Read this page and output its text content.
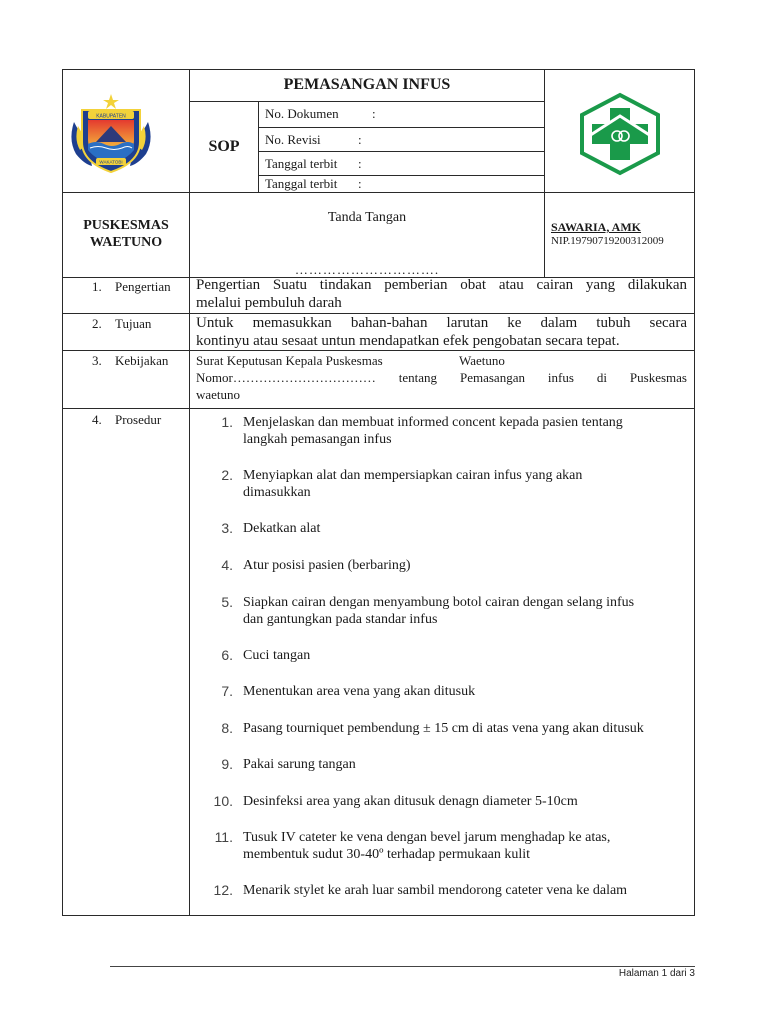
KABUPATEN
WAKATOBI
PEMASANGAN INFUS
SOP
No. Dokumen	:
No. Revisi	:
Tanggal terbit :
Tanggal terbit :
PUSKESMAS
WAETUNO
Tanda Tangan
………………………….
SAWARIA, AMK
NIP.19790719200312009
1. Pengertian Pengertian Suatu tindakan pemberian obat atau cairan yang dilakukan
melalui pembuluh darah
2. Tujuan	Untuk memasukkan bahan-bahan larutan ke dalam tubuh secara
kontinyu atau sesaat untun mendapatkan efek pengobatan secara tepat.
3. Kebijakan Surat Keputusan Kepala Puskesmas	Waetuno
Nomor…………………………… tentang Pemasangan infus di Puskesmas
waetuno
4. Prosedur	1. Menjelaskan dan membuat informed concent kepada pasien tentang
langkah pemasangan infus
2. Menyiapkan alat dan mempersiapkan cairan infus yang akan
dimasukkan
3. Dekatkan alat
4. Atur posisi pasien (berbaring)
5. Siapkan cairan dengan menyambung botol cairan dengan selang infus
dan gantungkan pada standar infus
6. Cuci tangan
7. Menentukan area vena yang akan ditusuk
8. Pasang tourniquet pembendung ± 15 cm di atas vena yang akan ditusuk
9. Pakai sarung tangan
10. Desinfeksi area yang akan ditusuk denagn diameter 5-10cm
11. Tusuk IV cateter ke vena dengan bevel jarum menghadap ke atas,
membentuk sudut 30-40º terhadap permukaan kulit
12. Menarik stylet ke arah luar sambil mendorong cateter vena ke dalam
Halaman 1 dari 3
